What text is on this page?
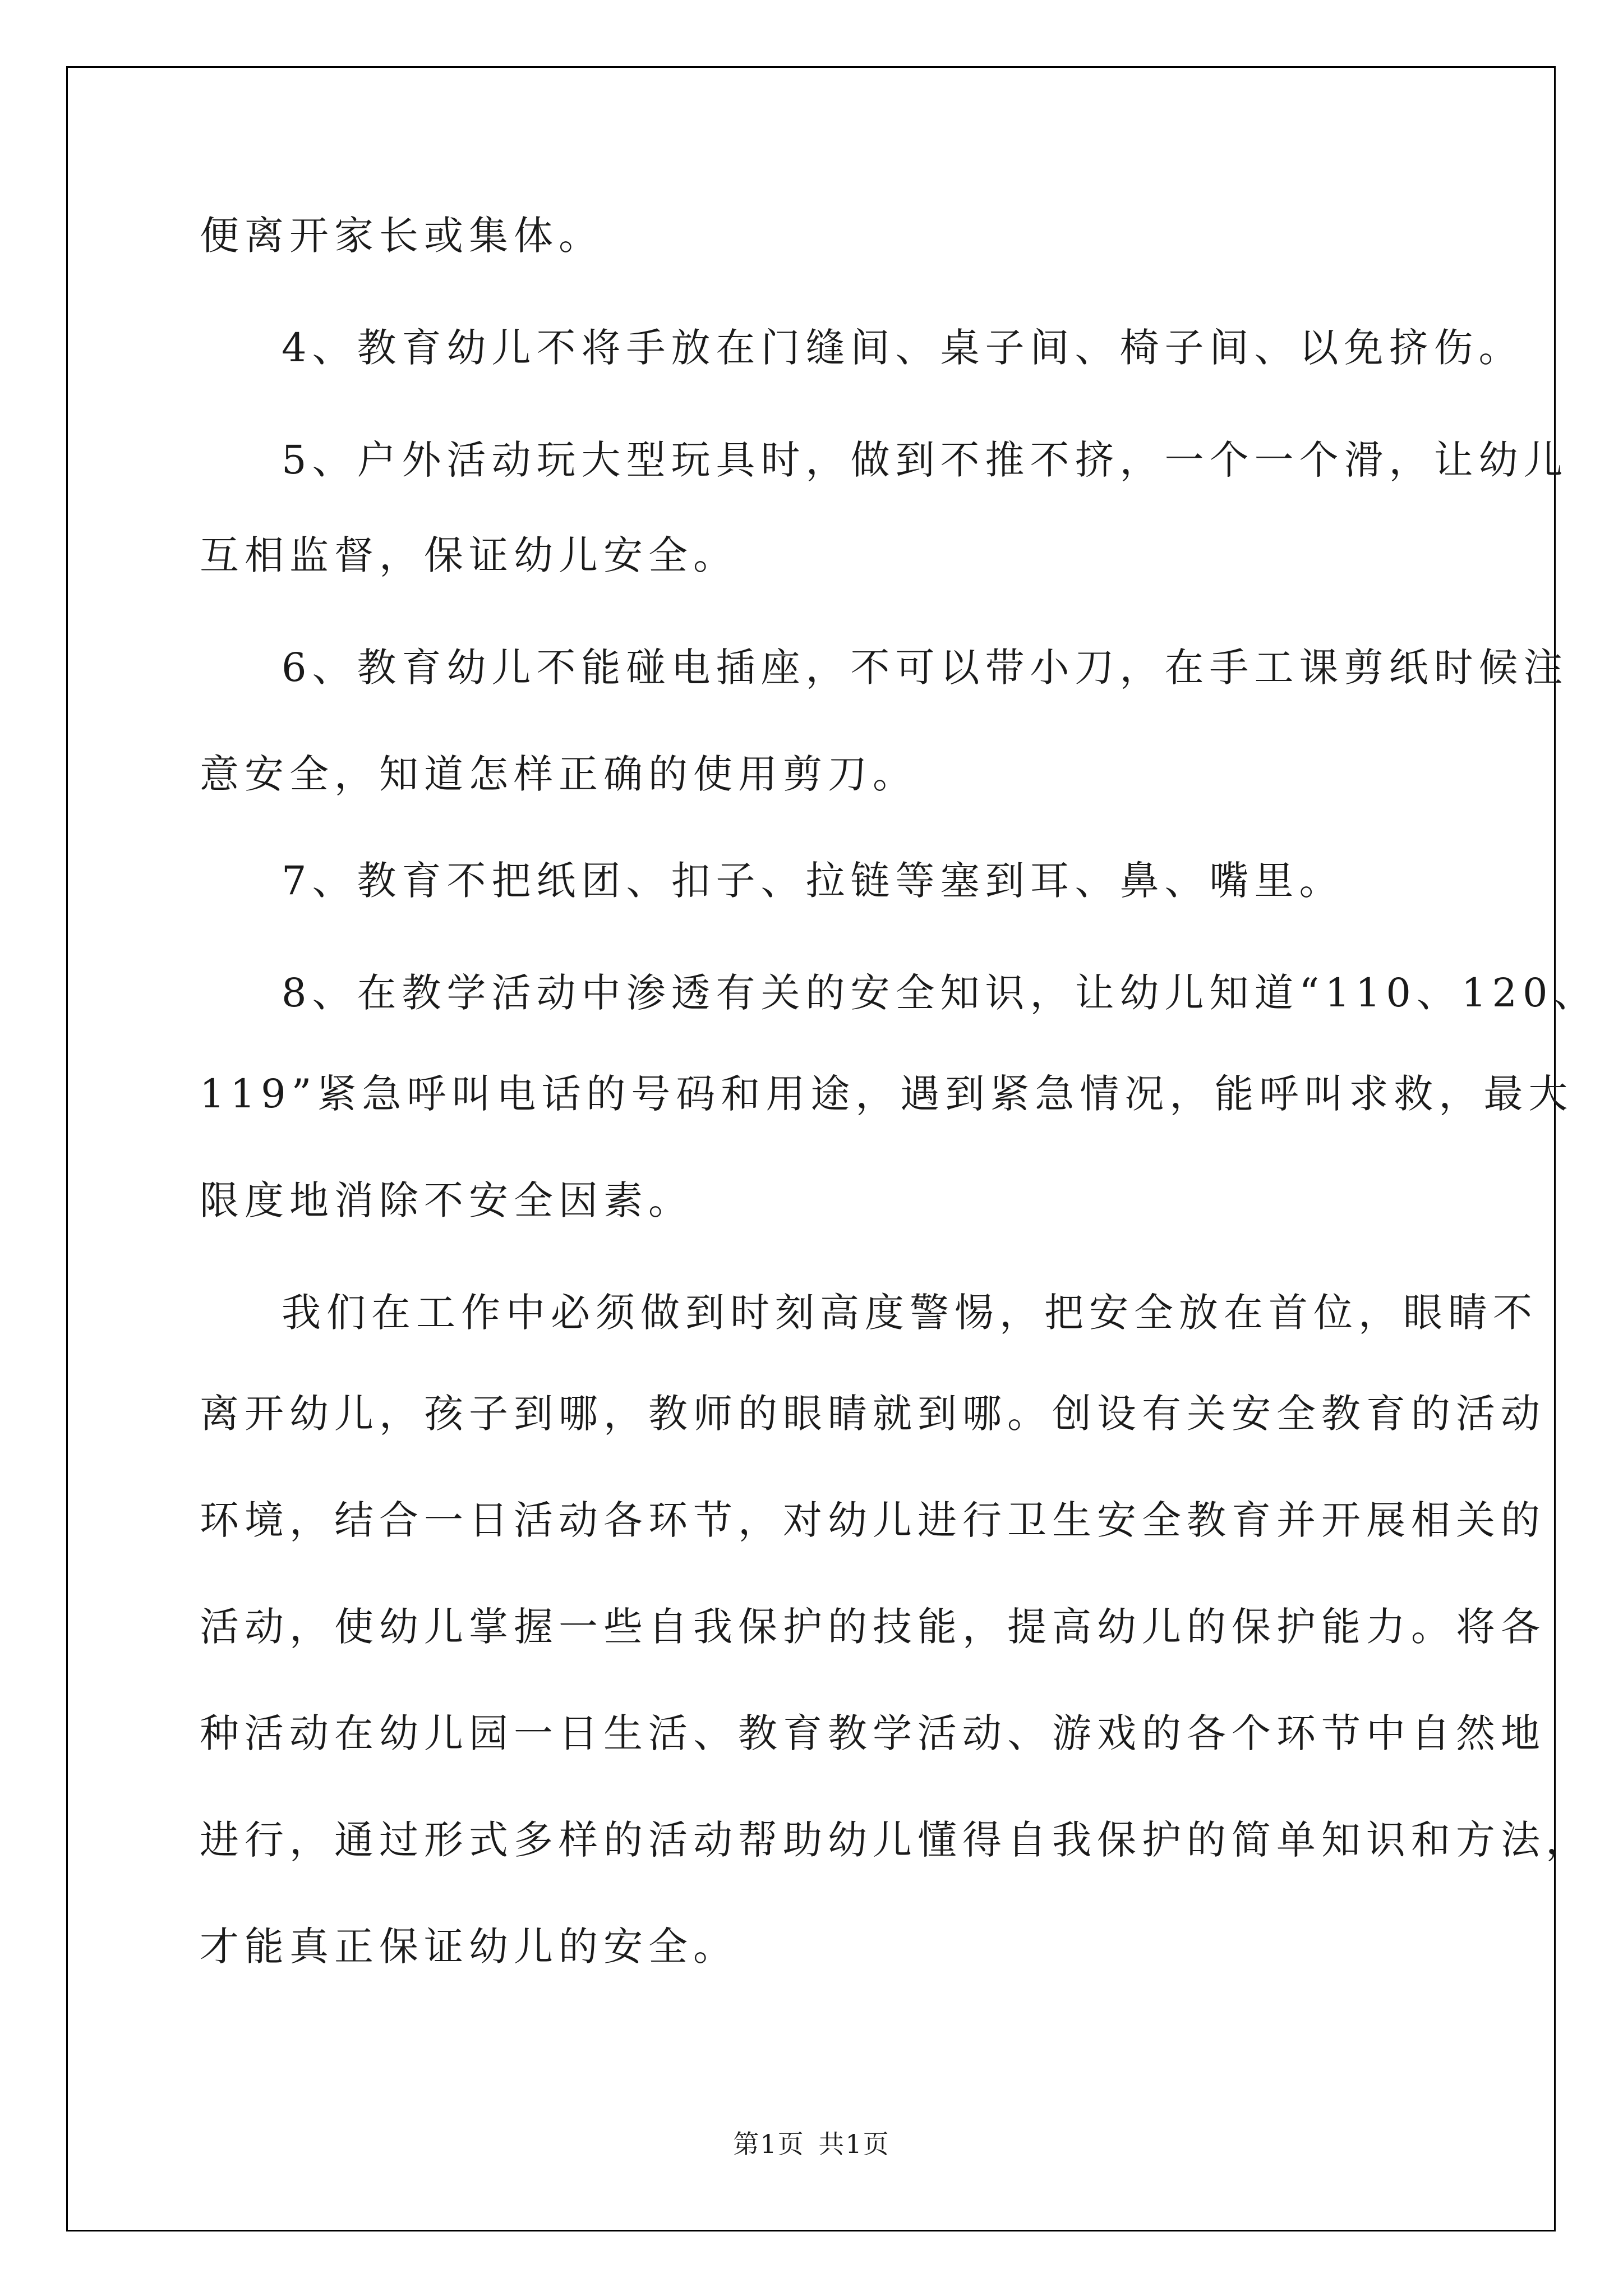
便离开家长或集体。

4、教育幼儿不将手放在门缝间、桌子间、椅子间、以免挤伤。

5、户外活动玩大型玩具时，做到不推不挤，一个一个滑，让幼儿

互相监督，保证幼儿安全。

6、教育幼儿不能碰电插座，不可以带小刀，在手工课剪纸时候注

意安全，知道怎样正确的使用剪刀。

7、教育不把纸团、扣子、拉链等塞到耳、鼻、嘴里。

8、在教学活动中渗透有关的安全知识，让幼儿知道“110、120、

119”紧急呼叫电话的号码和用途，遇到紧急情况，能呼叫求救，最大

限度地消除不安全因素。

我们在工作中必须做到时刻高度警惕，把安全放在首位，眼睛不

离开幼儿，孩子到哪，教师的眼睛就到哪。创设有关安全教育的活动

环境，结合一日活动各环节，对幼儿进行卫生安全教育并开展相关的

活动，使幼儿掌握一些自我保护的技能，提高幼儿的保护能力。将各

种活动在幼儿园一日生活、教育教学活动、游戏的各个环节中自然地

进行，通过形式多样的活动帮助幼儿懂得自我保护的简单知识和方法，

才能真正保证幼儿的安全。

第1页 共1页
